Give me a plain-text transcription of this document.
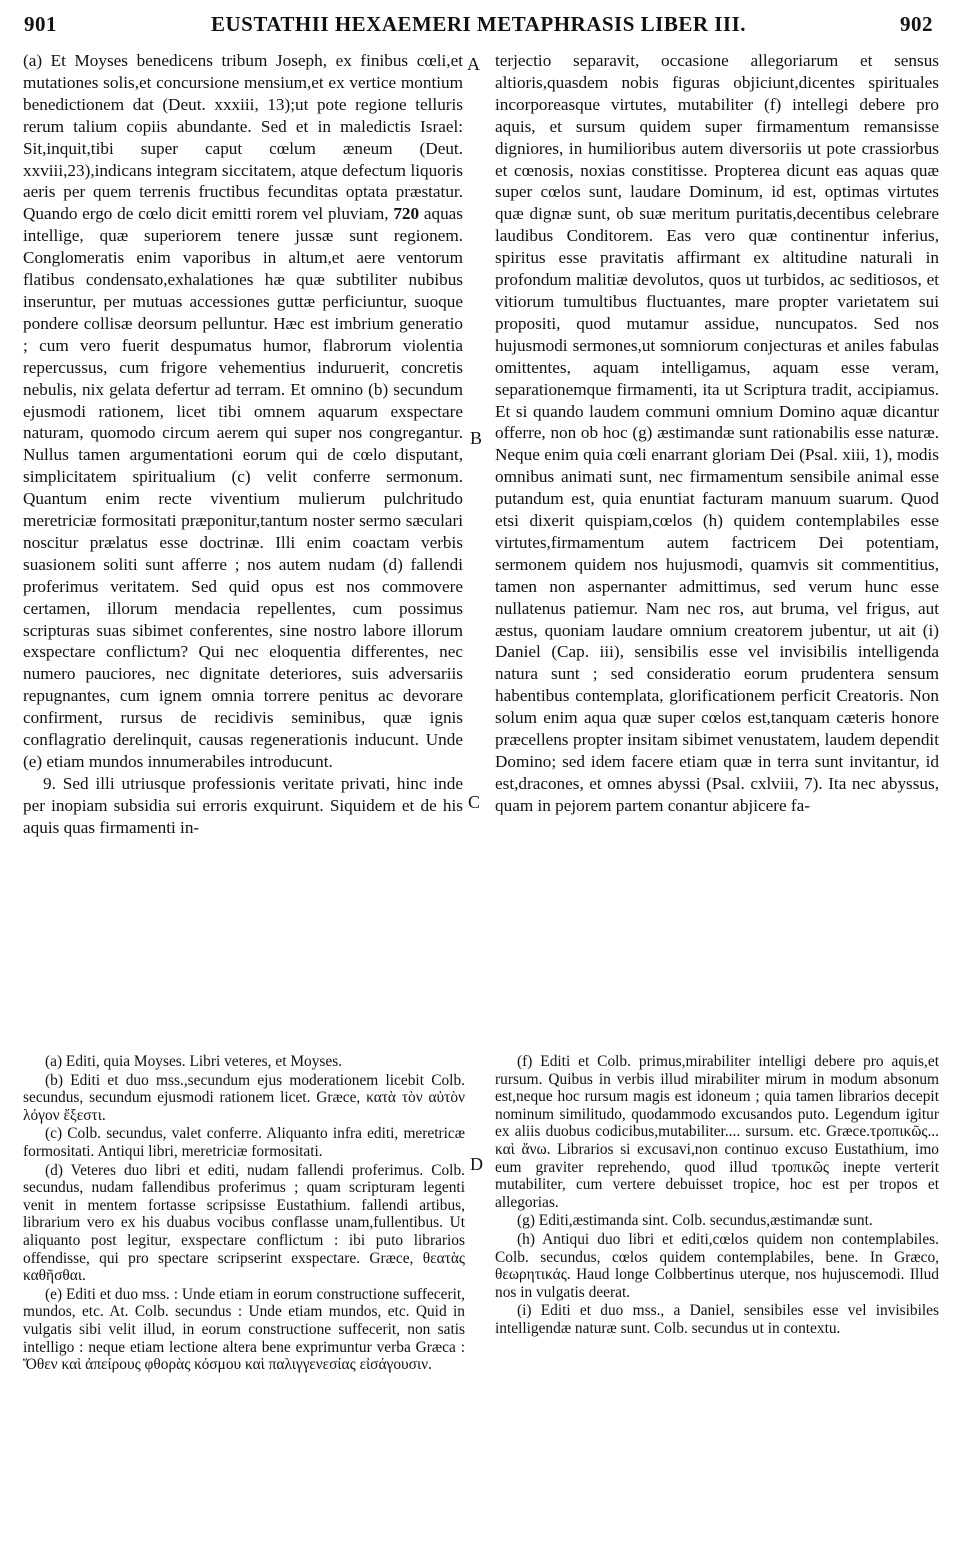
901	EUSTATHII HEXAEMERI METAPHRASIS LIBER III.	902
A
B
C
D

(a) Et Moyses benedicens tribum Joseph, ex finibus cœli,et mutationes solis,et concursione mensium,et ex vertice montium benedictionem dat (Deut. xxxiii, 13);ut pote regione telluris rerum talium copiis abundante. Sed et in maledictis Israel: Sit,inquit,tibi super caput cœlum æneum (Deut. xxviii,23),indicans integram siccitatem, atque defectum liquoris aeris per quem terrenis fructibus fecunditas optata præstatur. Quando ergo de cœlo dicit emitti rorem vel pluviam, 720 aquas intellige, quæ superiorem tenere jussæ sunt regionem. Conglomeratis enim vaporibus in altum,et aere ventorum flatibus condensato,exhalationes hæ quæ subtiliter nubibus inseruntur, per mutuas accessiones guttæ perficiuntur, suoque pondere collisæ deorsum pelluntur. Hæc est imbrium generatio ; cum vero fuerit despumatus humor, flabrorum violentia repercussus, cum frigore vehementius induruerit, concretis nebulis, nix gelata defertur ad terram. Et omnino (b) secundum ejusmodi rationem, licet tibi omnem aquarum exspectare naturam, quomodo circum aerem qui super nos congregantur. Nullus tamen argumentationi eorum qui de cœlo disputant, simplicitatem spiritualium (c) velit conferre sermonum. Quantum enim recte viventium mulierum pulchritudo meretriciæ formositati præponitur,tantum noster sermo sæculari noscitur prælatus esse doctrinæ. Illi enim coactam verbis suasionem soliti sunt afferre ; nos autem nudam (d) fallendi proferimus veritatem. Sed quid opus est nos commovere certamen, illorum mendacia repellentes, cum possimus scripturas suas sibimet conferentes, sine nostro labore illorum exspectare conflictum? Qui nec eloquentia differentes, nec numero pauciores, nec dignitate deteriores, suis adversariis repugnantes, cum ignem omnia torrere penitus ac devorare confirment, rursus de recidivis seminibus, quæ ignis conflagratio derelinquit, causas regenerationis inducunt. Unde (e) etiam mundos innumerabiles introducunt.

9. Sed illi utriusque professionis veritate privati, hinc inde per inopiam subsidia sui erroris exquirunt. Siquidem et de his aquis quas firmamenti in-

terjectio separavit, occasione allegoriarum et sensus altioris,quasdem nobis figuras objiciunt,dicentes spirituales incorporeasque virtutes, mutabiliter (f) intellegi debere pro aquis, et sursum quidem super firmamentum remansisse digniores, in humilioribus autem diversoriis ut pote crassiorbus et cœnosis, noxias constitisse. Propterea dicunt eas aquas quæ super cœlos sunt, laudare Dominum, id est, optimas virtutes quæ dignæ sunt, ob suæ meritum puritatis,decentibus celebrare laudibus Conditorem. Eas vero quæ continentur inferius, spiritus esse pravitatis affirmant ex altitudine naturali in profondum malitiæ devolutos, quos ut turbidos, ac seditiosos, et vitiorum tumultibus fluctuantes, mare propter varietatem sui propositi, quod mutamur assidue, nuncupatos. Sed nos hujusmodi sermones,ut somniorum conjecturas et aniles fabulas omittentes, aquam intelligamus, aquam esse veram, separationemque firmamenti, ita ut Scriptura tradit, accipiamus. Et si quando laudem communi omnium Domino aquæ dicantur offerre, non ob hoc (g) æstimandæ sunt rationabilis esse naturæ. Neque enim quia cœli enarrant gloriam Dei (Psal. xiii, 1), modis omnibus animati sunt, nec firmamentum sensibile animal esse putandum est, quia enuntiat facturam manuum suarum. Quod etsi dixerit quispiam,cœlos (h) quidem contemplabiles esse virtutes,firmamentum autem factricem Dei potentiam, sermonem quidem nos hujusmodi, quamvis sit commentitius, tamen non aspernanter admittimus, sed verum hunc esse nullatenus patiemur. Nam nec ros, aut bruma, vel frigus, aut æstus, quoniam laudare omnium creatorem jubentur, ut ait (i) Daniel (Cap. iii), sensibilis esse vel invisibilis intelligenda natura sunt ; sed consideratio eorum prudentera sensum habentibus contemplata, glorificationem perficit Creatoris. Non solum enim aqua quæ super cœlos est,tanquam cæteris honore præcellens propter insitam sibimet venustatem, laudem dependit Domino; sed idem facere etiam quæ in terra sunt invitantur, id est,dracones, et omnes abyssi (Psal. cxlviii, 7). Ita nec abyssus, quam in pejorem partem conantur abjicere fa-

(a) Editi, quia Moyses. Libri veteres, et Moyses.

(b) Editi et duo mss.,secundum ejus moderationem licebit Colb. secundus, secundum ejusmodi rationem licet. Græce, κατὰ τὸν αὐτὸν λόγον ἔξεστι.

(c) Colb. secundus, valet conferre. Aliquanto infra editi, meretricæ formositati. Antiqui libri, meretriciæ formositati.

(d) Veteres duo libri et editi, nudam fallendi proferimus. Colb. secundus, nudam fallendibus proferimus ; quam scripturam legenti venit in mentem fortasse scripsisse Eustathium. fallendi artibus, librarium vero ex his duabus vocibus conflasse unam,fullentibus. Ut aliquanto post legitur, exspectare conflictum : ibi puto librarios offendisse, qui pro spectare scripserint exspectare. Græce, θεατὰς καθῆσθαι.

(e) Editi et duo mss. : Unde etiam in eorum constructione suffecerit, mundos, etc. At. Colb. secundus : Unde etiam mundos, etc. Quid in vulgatis sibi velit illud, in eorum constructione suffecerit, non satis intelligo : neque etiam lectione altera bene exprimuntur verba Græca : Ὅθεν καὶ ἀπείρους φθορὰς κόσμου καὶ παλιγγενεσίας εἰσάγουσιν.

(f) Editi et Colb. primus,mirabiliter intelligi debere pro aquis,et rursum. Quibus in verbis illud mirabiliter mirum in modum absonum est,neque hoc rursum magis est idoneum ; quia tamen librarios decepit nominum similitudo, quodammodo excusandos puto. Legendum igitur ex aliis duobus codicibus,mutabiliter.... sursum. etc. Græce.τροπικῶς... καὶ ἄνω. Librarios si excusavi,non continuo excuso Eustathium, imo eum graviter reprehendo, quod illud τροπικῶς inepte verterit mutabiliter, cum vertere debuisset tropice, hoc est per tropos et allegorias.

(g) Editi,æstimanda sint. Colb. secundus,æstimandæ sunt.

(h) Antiqui duo libri et editi,cœlos quidem non contemplabiles. Colb. secundus, cœlos quidem contemplabiles, bene. In Græco, θεωρητικάς. Haud longe Colbbertinus uterque, nos hujuscemodi. Illud nos in vulgatis deerat.

(i) Editi et duo mss., a Daniel, sensibiles esse vel invisibiles intelligendæ naturæ sunt. Colb. secundus ut in contextu.
